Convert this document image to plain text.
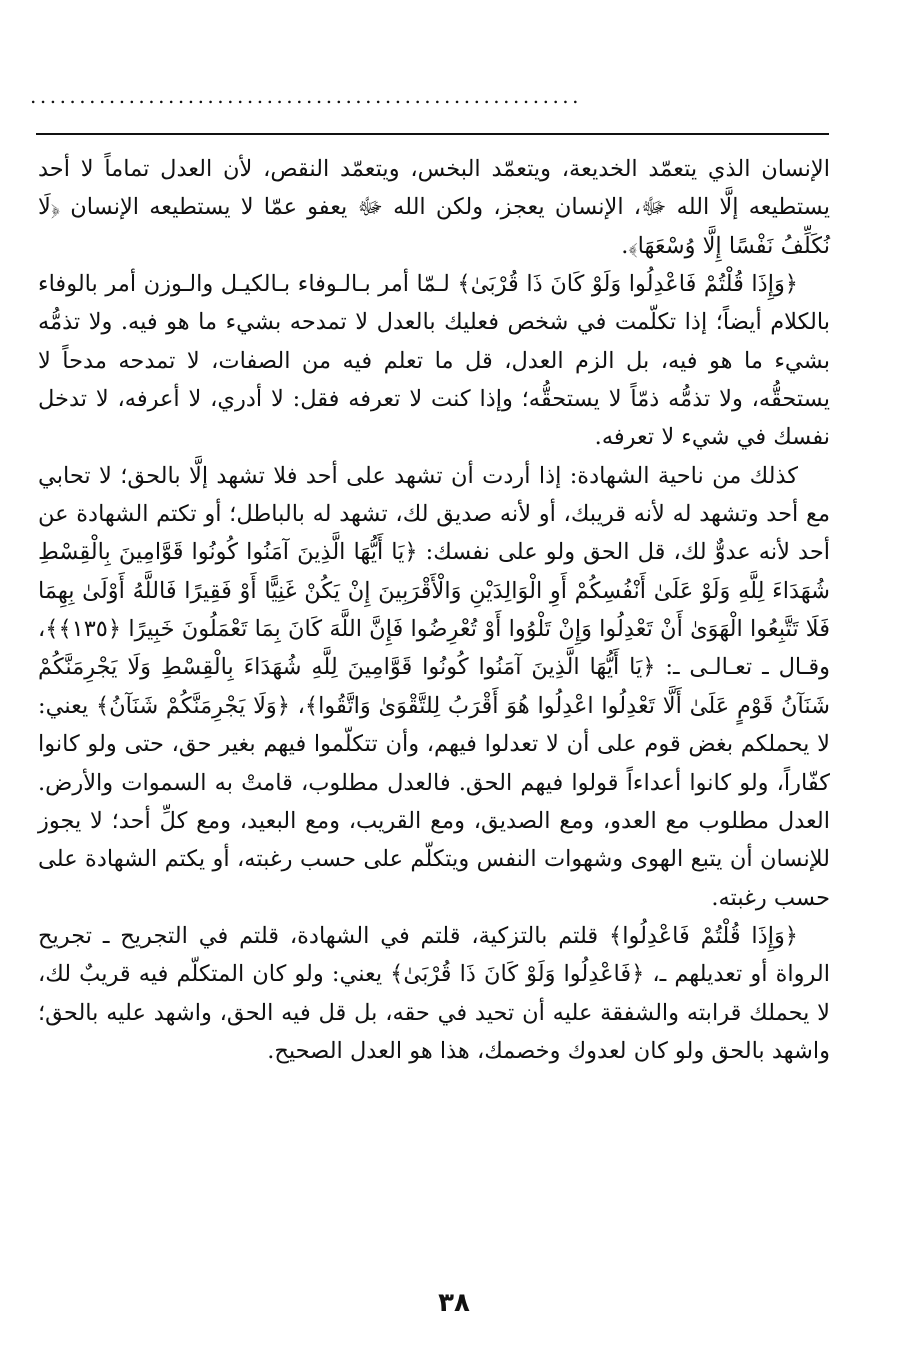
........................................................

الإنسان الذي يتعمّد الخديعة، ويتعمّد البخس، ويتعمّد النقص، لأن العدل تماماً لا أحد يستطيعه إلَّا الله ﷻ، الإنسان يعجز، ولكن الله ﷻ يعفو عمّا لا يستطيعه الإنسان ﴿لَا نُكَلِّفُ نَفْسًا إِلَّا وُسْعَهَا﴾.

﴿وَإِذَا قُلْتُمْ فَاعْدِلُوا وَلَوْ كَانَ ذَا قُرْبَىٰ﴾ لـمّا أمر بـالـوفاء بـالكيـل والـوزن أمر بالوفاء بالكلام أيضاً؛ إذا تكلّمت في شخص فعليك بالعدل لا تمدحه بشيء ما هو فيه. ولا تذمُّه بشيء ما هو فيه، بل الزم العدل، قل ما تعلم فيه من الصفات، لا تمدحه مدحاً لا يستحقُّه، ولا تذمُّه ذمّاً لا يستحقُّه؛ وإذا كنت لا تعرفه فقل: لا أدري، لا أعرفه، لا تدخل نفسك في شيء لا تعرفه.

كذلك من ناحية الشهادة: إذا أردت أن تشهد على أحد فلا تشهد إلَّا بالحق؛ لا تحابي مع أحد وتشهد له لأنه قريبك، أو لأنه صديق لك، تشهد له بالباطل؛ أو تكتم الشهادة عن أحد لأنه عدوٌّ لك، قل الحق ولو على نفسك: ﴿يَا أَيُّهَا الَّذِينَ آمَنُوا كُونُوا قَوَّامِينَ بِالْقِسْطِ شُهَدَاءَ لِلَّهِ وَلَوْ عَلَىٰ أَنْفُسِكُمْ أَوِ الْوَالِدَيْنِ وَالْأَقْرَبِينَ إِنْ يَكُنْ غَنِيًّا أَوْ فَقِيرًا فَاللَّهُ أَوْلَىٰ بِهِمَا فَلَا تَتَّبِعُوا الْهَوَىٰ أَنْ تَعْدِلُوا وَإِنْ تَلْوُوا أَوْ تُعْرِضُوا فَإِنَّ اللَّهَ كَانَ بِمَا تَعْمَلُونَ خَبِيرًا ﴿١٣٥﴾﴾، وقـال ـ تعـالـى ـ: ﴿يَا أَيُّهَا الَّذِينَ آمَنُوا كُونُوا قَوَّامِينَ لِلَّهِ شُهَدَاءَ بِالْقِسْطِ وَلَا يَجْرِمَنَّكُمْ شَنَآنُ قَوْمٍ عَلَىٰ أَلَّا تَعْدِلُوا اعْدِلُوا هُوَ أَقْرَبُ لِلتَّقْوَىٰ وَاتَّقُوا﴾، ﴿وَلَا يَجْرِمَنَّكُمْ شَنَآنُ﴾ يعني: لا يحملكم بغض قوم على أن لا تعدلوا فيهم، وأن تتكلّموا فيهم بغير حق، حتى ولو كانوا كفّاراً، ولو كانوا أعداءاً قولوا فيهم الحق. فالعدل مطلوب، قامتْ به السموات والأرض. العدل مطلوب مع العدو، ومع الصديق، ومع القريب، ومع البعيد، ومع كلِّ أحد؛ لا يجوز للإنسان أن يتبع الهوى وشهوات النفس ويتكلّم على حسب رغبته، أو يكتم الشهادة على حسب رغبته.

﴿وَإِذَا قُلْتُمْ فَاعْدِلُوا﴾ قلتم بالتزكية، قلتم في الشهادة، قلتم في التجريح ـ تجريح الرواة أو تعديلهم ـ، ﴿فَاعْدِلُوا وَلَوْ كَانَ ذَا قُرْبَىٰ﴾ يعني: ولو كان المتكلّم فيه قريبٌ لك، لا يحملك قرابته والشفقة عليه أن تحيد في حقه، بل قل فيه الحق، واشهد عليه بالحق؛ واشهد بالحق ولو كان لعدوك وخصمك، هذا هو العدل الصحيح.

٣٨
